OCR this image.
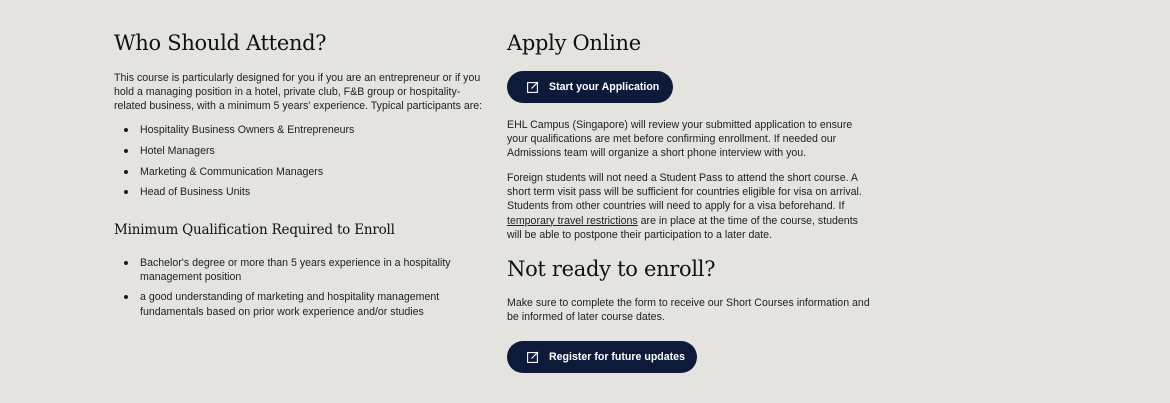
Who Should Attend?

This course is particularly designed for you if you are an entrepreneur or if you hold a managing position in a hotel, private club, F&B group or hospitality-related business, with a minimum 5 years' experience. Typical participants are:

Hospitality Business Owners & Entrepreneurs
Hotel Managers
Marketing & Communication Managers
Head of Business Units
Minimum Qualification Required to Enroll
Bachelor's degree or more than 5 years experience in a hospitality management position
a good understanding of marketing and hospitality management fundamentals based on prior work experience and/or studies
Apply Online
Start your Application

EHL Campus (Singapore) will review your submitted application to ensure your qualifications are met before confirming enrollment. If needed our Admissions team will organize a short phone interview with you.

Foreign students will not need a Student Pass to attend the short course. A short term visit pass will be sufficient for countries eligible for visa on arrival. Students from other countries will need to apply for a visa beforehand. If temporary travel restrictions are in place at the time of the course, students will be able to postpone their participation to a later date.

Not ready to enroll?

Make sure to complete the form to receive our Short Courses information and be informed of later course dates.

Register for future updates
